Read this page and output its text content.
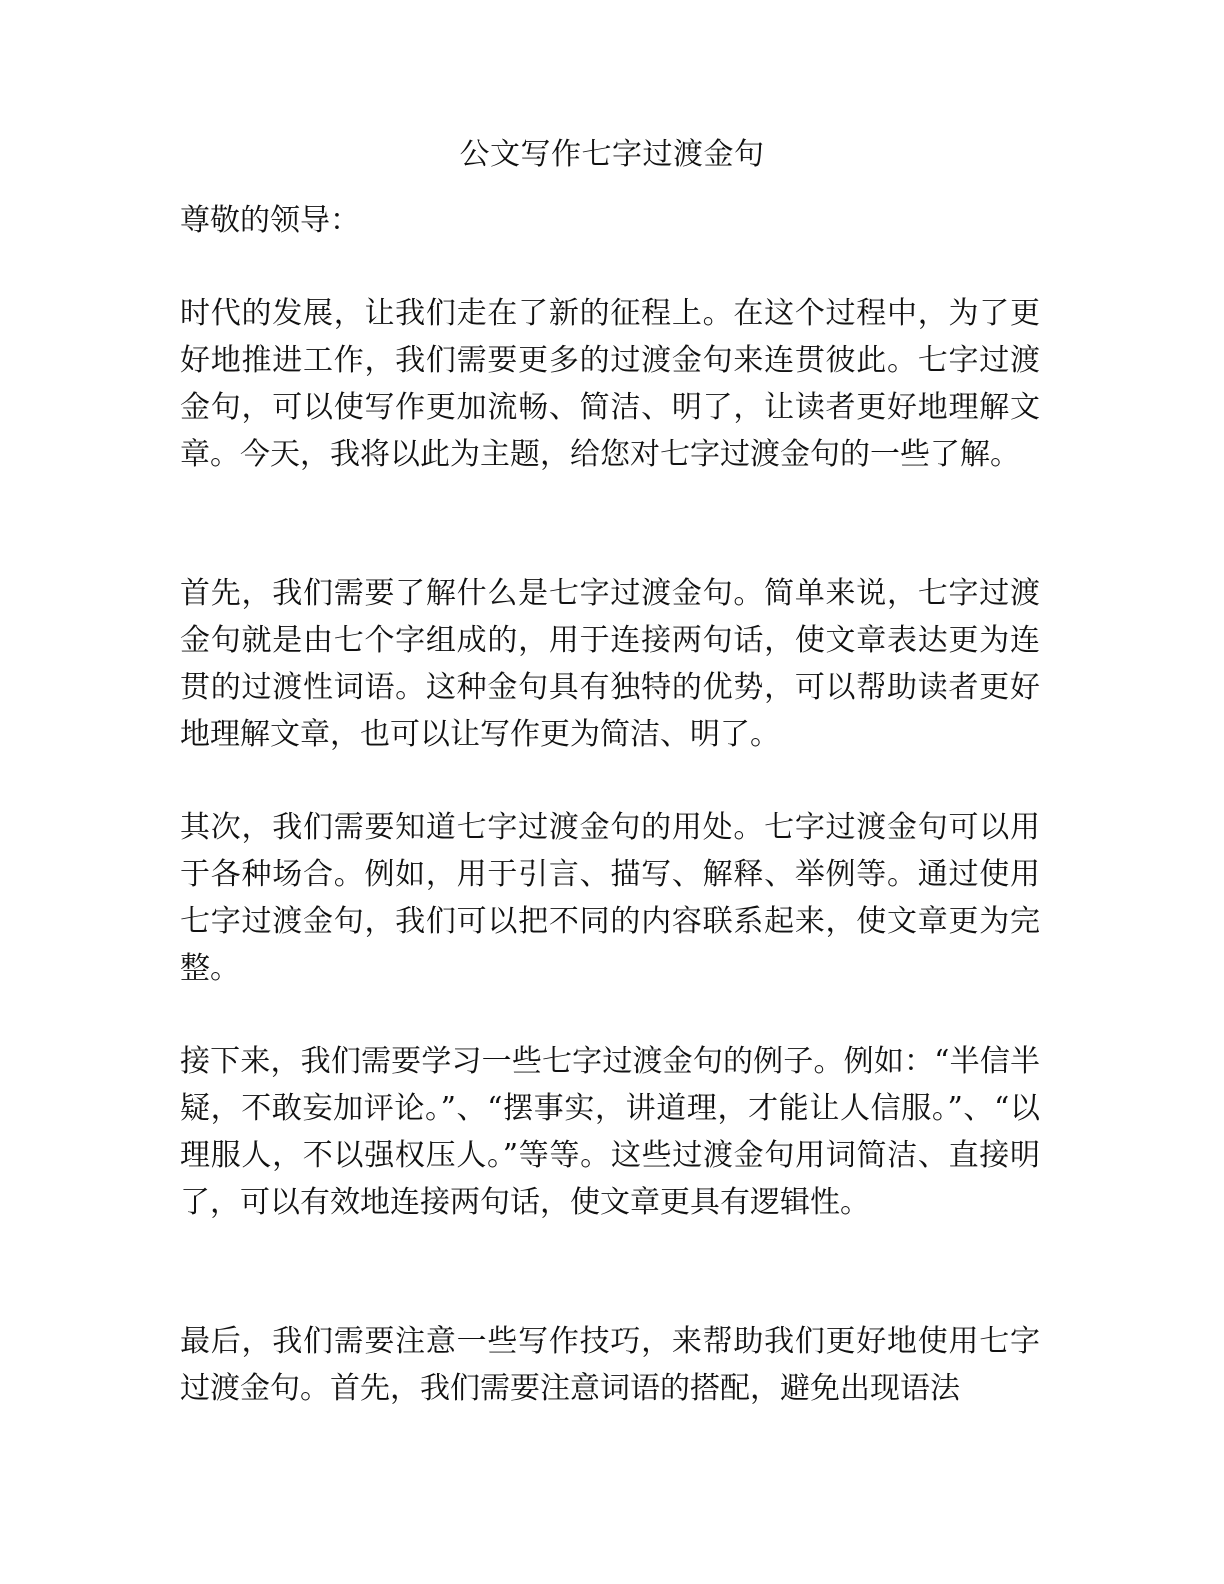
公文写作七字过渡金句

尊敬的领导：

时代的发展，让我们走在了新的征程上。在这个过程中，为了更好地推进工作，我们需要更多的过渡金句来连贯彼此。七字过渡金句，可以使写作更加流畅、简洁、明了，让读者更好地理解文章。今天，我将以此为主题，给您对七字过渡金句的一些了解。

首先，我们需要了解什么是七字过渡金句。简单来说，七字过渡金句就是由七个字组成的，用于连接两句话，使文章表达更为连贯的过渡性词语。这种金句具有独特的优势，可以帮助读者更好地理解文章，也可以让写作更为简洁、明了。

其次，我们需要知道七字过渡金句的用处。七字过渡金句可以用于各种场合。例如，用于引言、描写、解释、举例等。通过使用七字过渡金句，我们可以把不同的内容联系起来，使文章更为完整。

接下来，我们需要学习一些七字过渡金句的例子。例如：“半信半疑，不敢妄加评论。”、“摆事实，讲道理，才能让人信服。”、“以理服人，不以强权压人。”等等。这些过渡金句用词简洁、直接明了，可以有效地连接两句话，使文章更具有逻辑性。

最后，我们需要注意一些写作技巧，来帮助我们更好地使用七字过渡金句。首先，我们需要注意词语的搭配，避免出现语法
